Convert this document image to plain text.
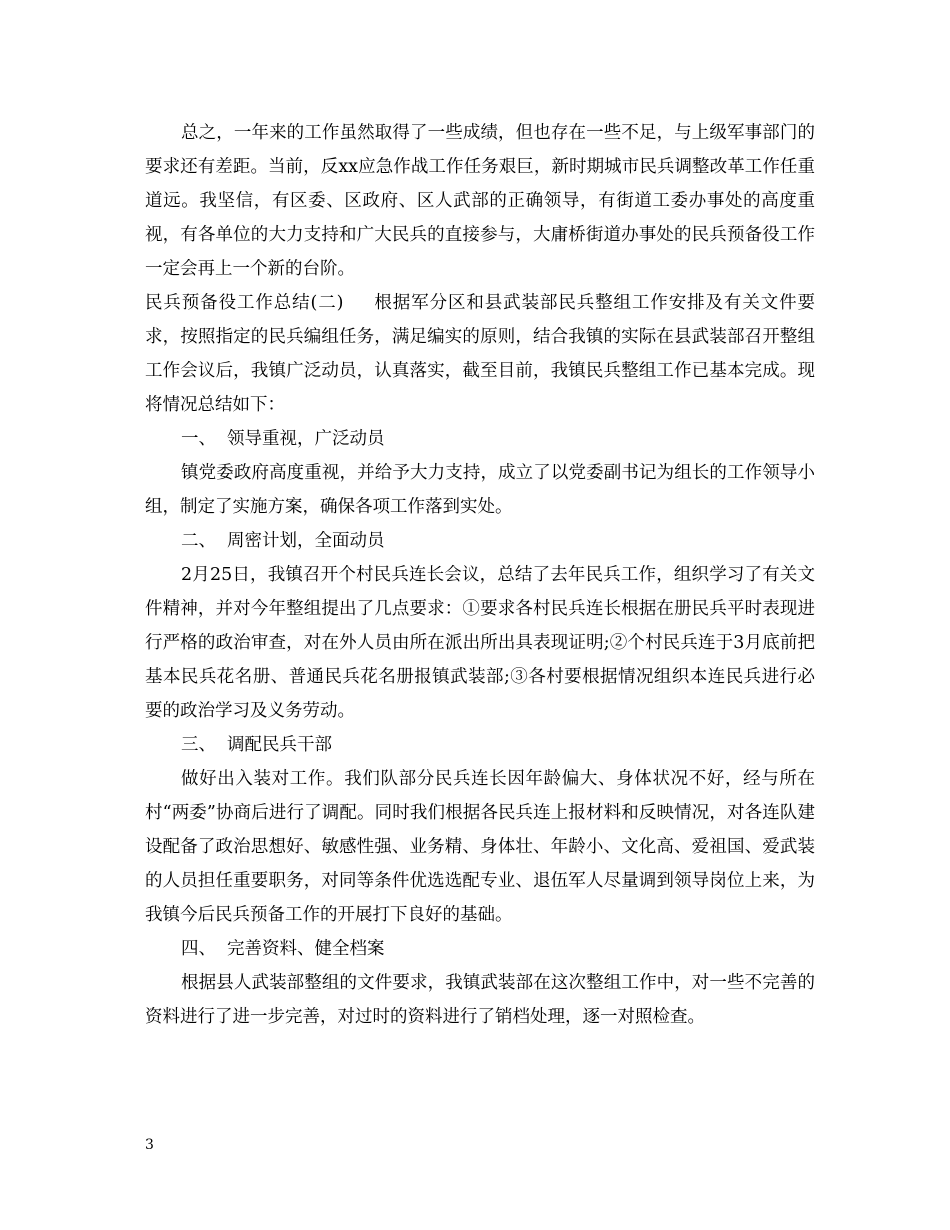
总之，一年来的工作虽然取得了一些成绩，但也存在一些不足，与上级军事部门的要求还有差距。当前，反xx应急作战工作任务艰巨，新时期城市民兵调整改革工作任重道远。我坚信，有区委、区政府、区人武部的正确领导，有街道工委办事处的高度重视，有各单位的大力支持和广大民兵的直接参与，大庸桥街道办事处的民兵预备役工作一定会再上一个新的台阶。

民兵预备役工作总结(二) 根据军分区和县武装部民兵整组工作安排及有关文件要求，按照指定的民兵编组任务，满足编实的原则，结合我镇的实际在县武装部召开整组工作会议后，我镇广泛动员，认真落实，截至目前，我镇民兵整组工作已基本完成。现将情况总结如下：

一、 领导重视，广泛动员

镇党委政府高度重视，并给予大力支持，成立了以党委副书记为组长的工作领导小组，制定了实施方案，确保各项工作落到实处。

二、 周密计划，全面动员

2月25日，我镇召开个村民兵连长会议，总结了去年民兵工作，组织学习了有关文件精神，并对今年整组提出了几点要求：①要求各村民兵连长根据在册民兵平时表现进行严格的政治审查，对在外人员由所在派出所出具表现证明;②个村民兵连于3月底前把基本民兵花名册、普通民兵花名册报镇武装部;③各村要根据情况组织本连民兵进行必要的政治学习及义务劳动。

三、 调配民兵干部

做好出入装对工作。我们队部分民兵连长因年龄偏大、身体状况不好，经与所在村“两委”协商后进行了调配。同时我们根据各民兵连上报材料和反映情况，对各连队建设配备了政治思想好、敏感性强、业务精、身体壮、年龄小、文化高、爱祖国、爱武装的人员担任重要职务，对同等条件优选选配专业、退伍军人尽量调到领导岗位上来，为我镇今后民兵预备工作的开展打下良好的基础。

四、 完善资料、健全档案

根据县人武装部整组的文件要求，我镇武装部在这次整组工作中，对一些不完善的资料进行了进一步完善，对过时的资料进行了销档处理，逐一对照检查。

3
